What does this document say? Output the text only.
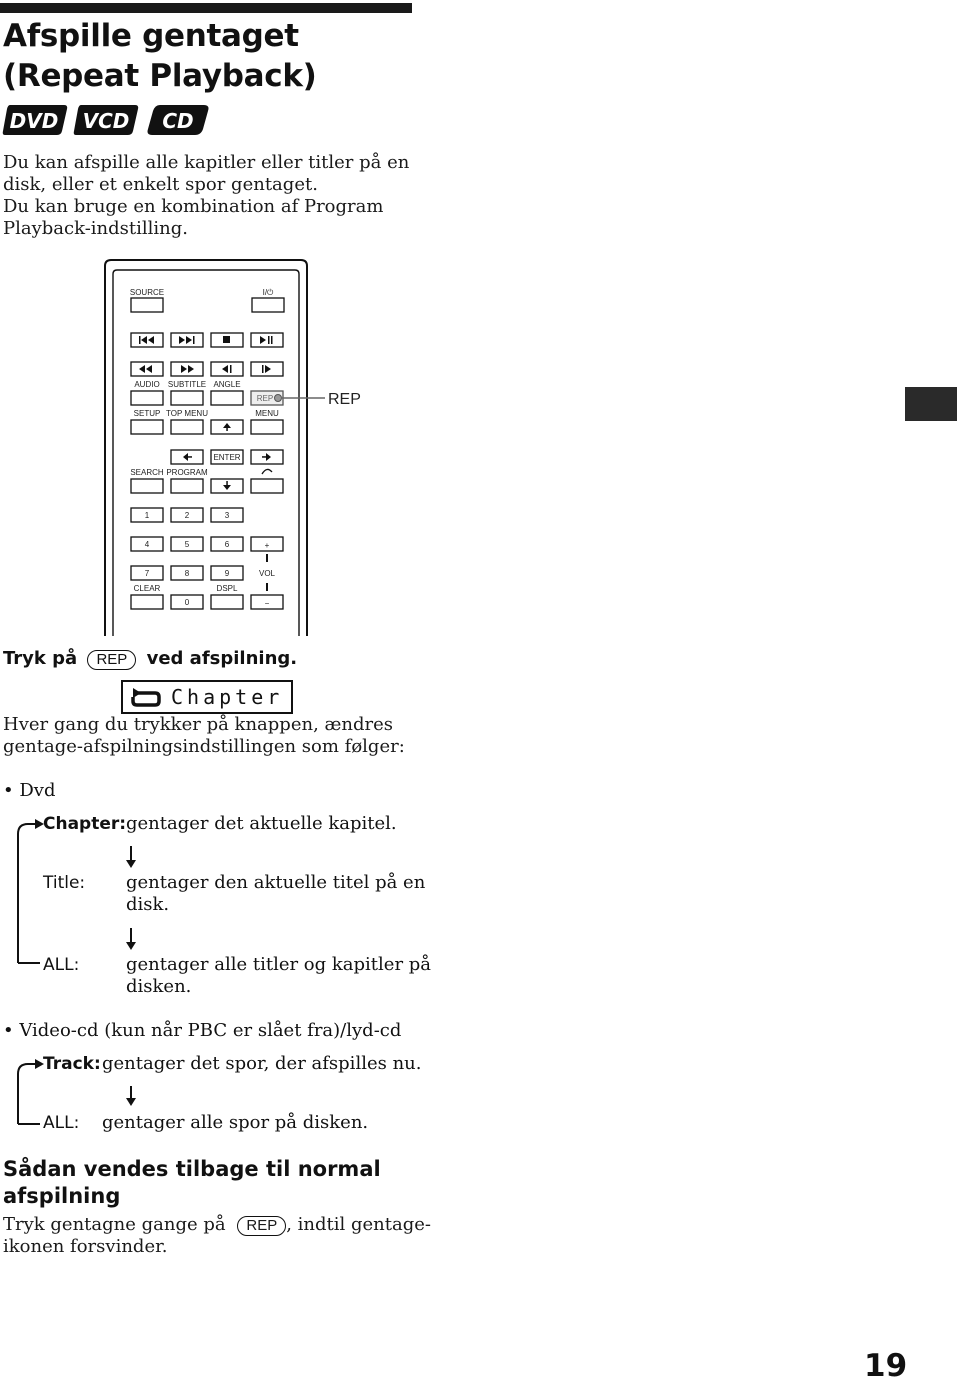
Afspille gentaget
(Repeat Playback)
DVD VCD CD
Du kan afspille alle kapitler eller titler på en
disk, eller et enkelt spor gentaget.
Du kan bruge en kombination af Program
Playback-indstilling.
SOURCE	I/⏻
AUDIO SUBTITLE ANGLE
REP	REP
SETUP TOP MENU	MENU
ENTER
SEARCH PROGRAM
1	2	3
4	5	6	+
7	8	9	VOL
CLEAR	DSPL
0	−
Tryk på REP ved afspilning.
Chapter
Hver gang du trykker på knappen, ændres
gentage-afspilningsindstillingen som følger:
• Dvd
Chapter: gentager det aktuelle kapitel.
Title: gentager den aktuelle titel på en
disk.
ALL:	gentager alle titler og kapitler på
disken.
• Video-cd (kun når PBC er slået fra)/lyd-cd
Track: gentager det spor, der afspilles nu.
ALL: gentager alle spor på disken.
Sådan vendes tilbage til normal
afspilning
Tryk gentagne gange på REP , indtil gentage-
ikonen forsvinder.
19
